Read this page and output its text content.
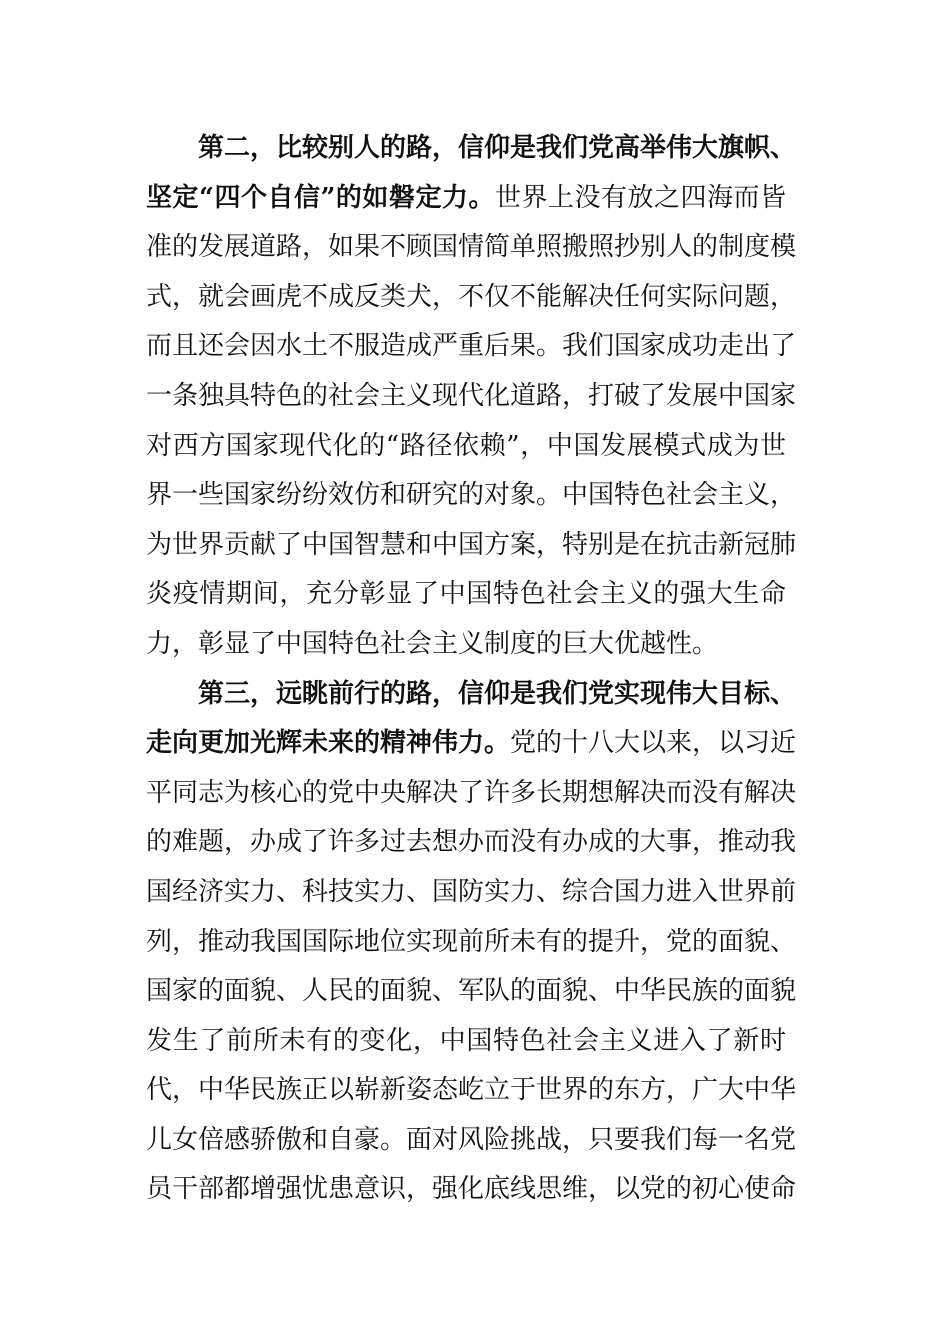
第二，比较别人的路，信仰是我们党高举伟大旗帜、
坚定“四个自信”的如磐定力。世界上没有放之四海而皆
准的发展道路，如果不顾国情简单照搬照抄别人的制度模
式，就会画虎不成反类犬，不仅不能解决任何实际问题，
而且还会因水土不服造成严重后果。我们国家成功走出了
一条独具特色的社会主义现代化道路，打破了发展中国家
对西方国家现代化的“路径依赖”，中国发展模式成为世
界一些国家纷纷效仿和研究的对象。中国特色社会主义，
为世界贡献了中国智慧和中国方案，特别是在抗击新冠肺
炎疫情期间，充分彰显了中国特色社会主义的强大生命
力，彰显了中国特色社会主义制度的巨大优越性。
第三，远眺前行的路，信仰是我们党实现伟大目标、
走向更加光辉未来的精神伟力。党的十八大以来，以习近
平同志为核心的党中央解决了许多长期想解决而没有解决
的难题，办成了许多过去想办而没有办成的大事，推动我
国经济实力、科技实力、国防实力、综合国力进入世界前
列，推动我国国际地位实现前所未有的提升，党的面貌、
国家的面貌、人民的面貌、军队的面貌、中华民族的面貌
发生了前所未有的变化，中国特色社会主义进入了新时
代，中华民族正以崭新姿态屹立于世界的东方，广大中华
儿女倍感骄傲和自豪。面对风险挑战，只要我们每一名党
员干部都增强忧患意识，强化底线思维，以党的初心使命
